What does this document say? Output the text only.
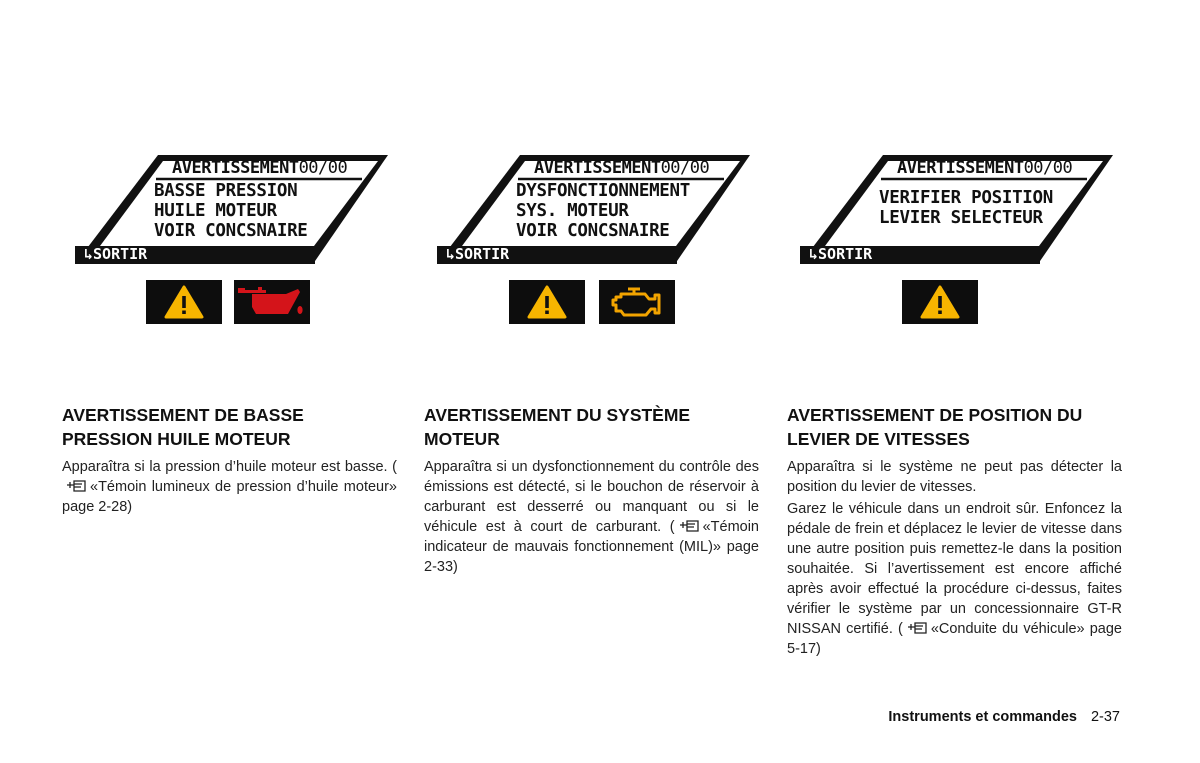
AVERTISSEMENT00/00
BASSE PRESSION
HUILE MOTEUR
VOIR CONCSNAIRE
↳SORTIR
AVERTISSEMENT00/00
DYSFONCTIONNEMENT
SYS. MOTEUR
VOIR CONCSNAIRE
↳SORTIR
AVERTISSEMENT00/00
VERIFIER POSITION
LEVIER SELECTEUR
↳SORTIR
AVERTISSEMENT DE BASSE
PRESSION HUILE MOTEUR

Apparaîtra si la pression d’huile moteur est basse. («Témoin lumineux de pression d’huile moteur» page 2-28)

AVERTISSEMENT DU SYSTÈME
MOTEUR

Apparaîtra si un dysfonctionnement du contrôle des émissions est détecté, si le bouchon de réservoir à carburant est desserré ou manquant ou si le véhicule est à court de carburant. ( «Témoin indicateur de mauvais fonctionnement (MIL)» page 2-33)

AVERTISSEMENT DE POSITION DU
LEVIER DE VITESSES

Apparaîtra si le système ne peut pas détecter la position du levier de vitesses.

Garez le véhicule dans un endroit sûr. Enfoncez la pédale de frein et déplacez le levier de vitesse dans une autre position puis remettez-le dans la position souhaitée. Si l’avertissement est encore affiché après avoir effectué la procédure ci-dessus, faites vérifier le système par un concessionnaire GT-R NISSAN certifié. ( «Conduite du véhicule» page 5-17)

Instruments et commandes 2-37
